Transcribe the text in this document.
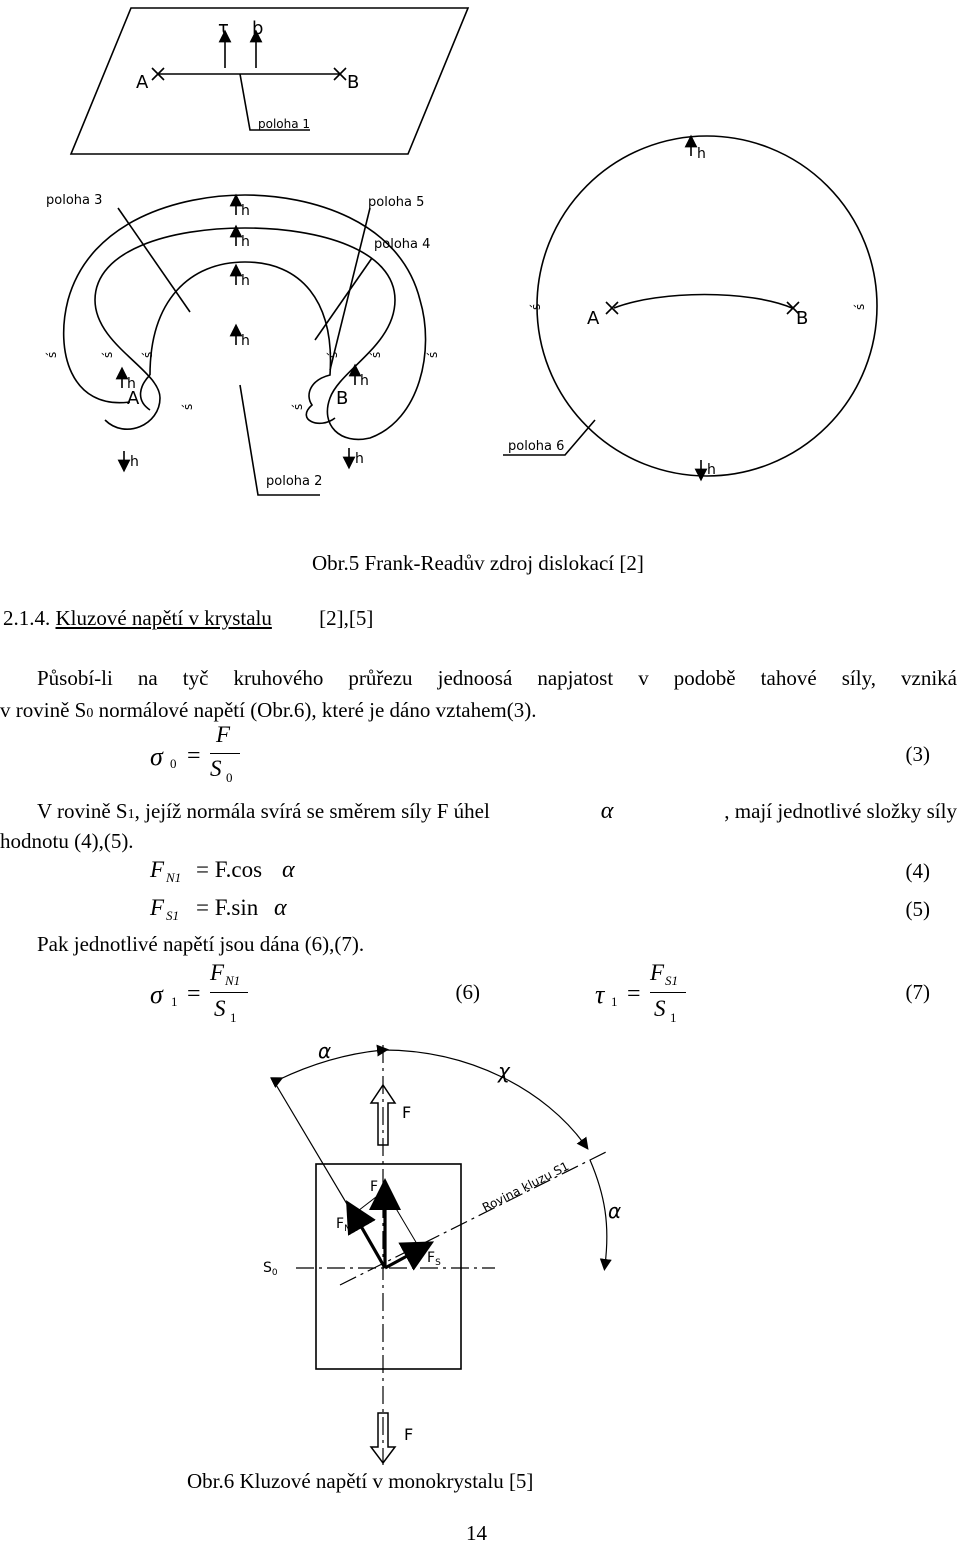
τ b
A	B
poloha 1
poloha 3	poloha 5
poloha 4
poloha 2
poloha 6
A	B
A	B
h
h
h
h
h	h
h	h
h
h
ś	ś ś
ś	ś
ś ś	ś
ś	ś
Obr.5 Frank-Readův zdroj dislokací [2]
2.1.4. Kluzové napětí v krystalu [2],[5]
Působí-li na tyč kruhového průřezu jednoosá napjatost v podobě tahové síly, vzniká
v rovině S0 normálové napětí (Obr.6), které je dáno vztahem(3).
σ 0 =
F
S 0
(3)
V rovině S1, jejíž normála svírá se směrem síly F úhel	α	, mají jednotlivé složky síly
hodnotu (4),(5).
F N1 = F.cos α	(4)
F S1 = F.sin α	(5)
Pak jednotlivé napětí jsou dána (6),(7).
σ 1 =
F N1
S 1
(6)	τ 1 =
F S1
S 1
(7)
α
χ
α
F
F
F
$F_N$
$F_S$
$S_0$
Rovina kluzu S1
Obr.6 Kluzové napětí v monokrystalu [5]
14
